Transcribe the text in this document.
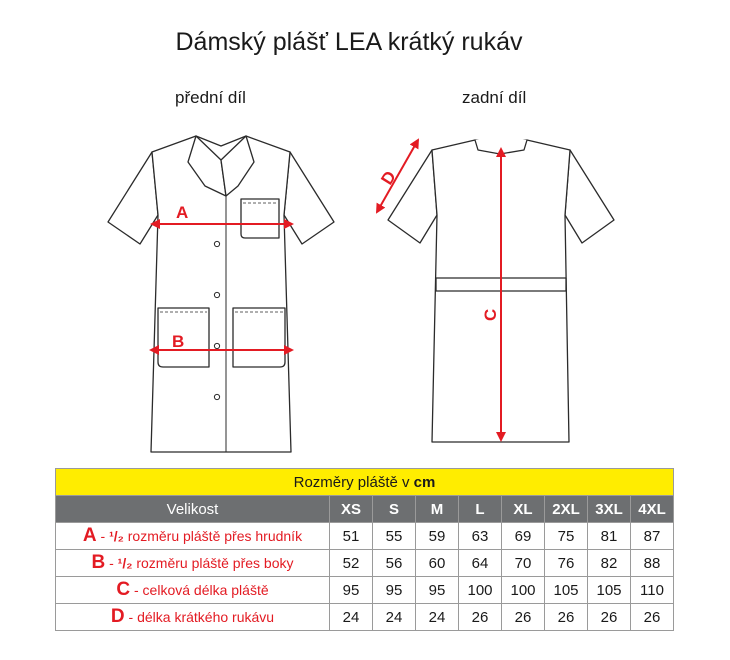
Dámský plášť LEA krátký rukáv
přední díl	zadní díl
A
B
C
D
Rozměry pláště v cm								
Velikost	XS	S	M	L	XL	2XL	3XL	4XL
A - ¹/₂ rozměru pláště přes hrudník	51	55	59	63	69	75	81	87
B - ¹/₂ rozměru pláště přes boky	52	56	60	64	70	76	82	88
C - celková délka pláště	95	95	95	100	100	105	105	110
D - délka krátkého rukávu	24	24	24	26	26	26	26	26
